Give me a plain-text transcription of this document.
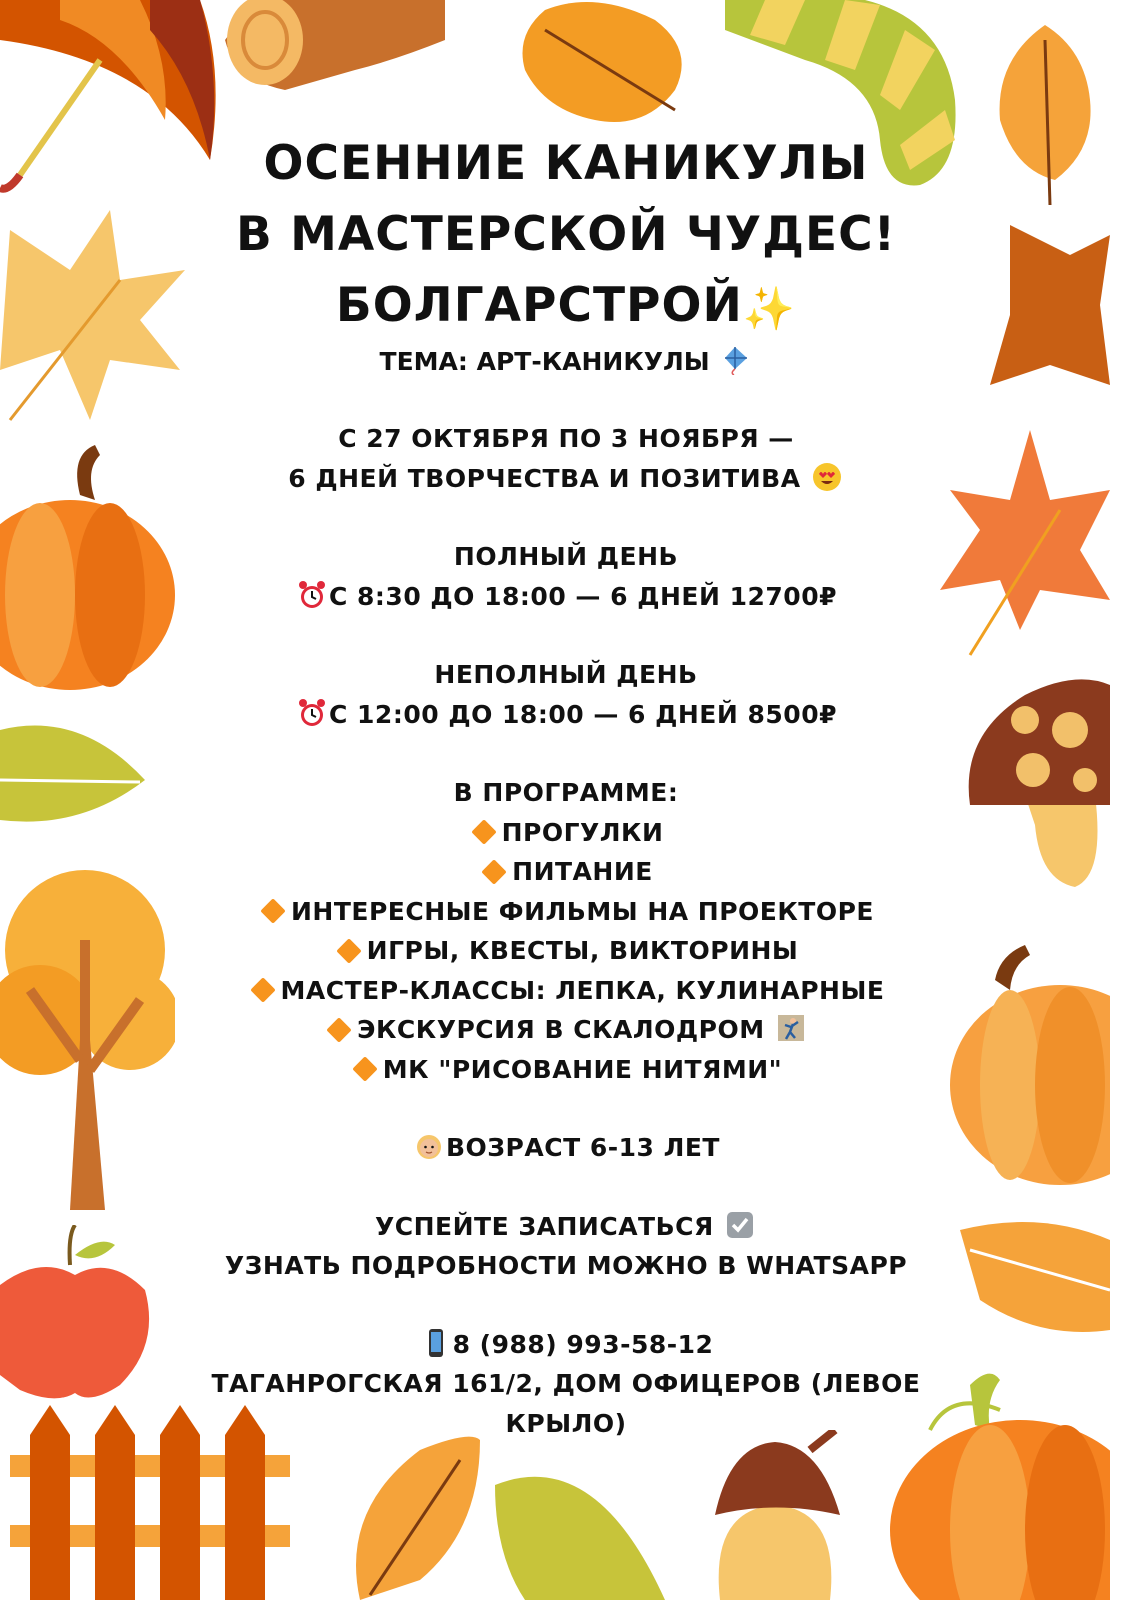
ОСЕННИЕ КАНИКУЛЫ
В МАСТЕРСКОЙ ЧУДЕС!
БОЛГАРСТРОЙ✨
ТЕМА: АРТ-КАНИКУЛЫ
С 27 ОКТЯБРЯ ПО 3 НОЯБРЯ —
6 ДНЕЙ ТВОРЧЕСТВА И ПОЗИТИВА
ПОЛНЫЙ ДЕНЬ
С 8:30 ДО 18:00 — 6 ДНЕЙ 12700₽
НЕПОЛНЫЙ ДЕНЬ
С 12:00 ДО 18:00 — 6 ДНЕЙ 8500₽
В ПРОГРАММЕ:
ПРОГУЛКИ
ПИТАНИЕ
ИНТЕРЕСНЫЕ ФИЛЬМЫ НА ПРОЕКТОРЕ
ИГРЫ, КВЕСТЫ, ВИКТОРИНЫ
МАСТЕР-КЛАССЫ: ЛЕПКА, КУЛИНАРНЫЕ
ЭКСКУРСИЯ В СКАЛОДРОМ
МК "РИСОВАНИЕ НИТЯМИ"
ВОЗРАСТ 6-13 ЛЕТ
УСПЕЙТЕ ЗАПИСАТЬСЯ
УЗНАТЬ ПОДРОБНОСТИ МОЖНО В WHATSAPP
8 (988) 993-58-12
ТАГАНРОГСКАЯ 161/2, ДОМ ОФИЦЕРОВ (ЛЕВОЕ КРЫЛО)
